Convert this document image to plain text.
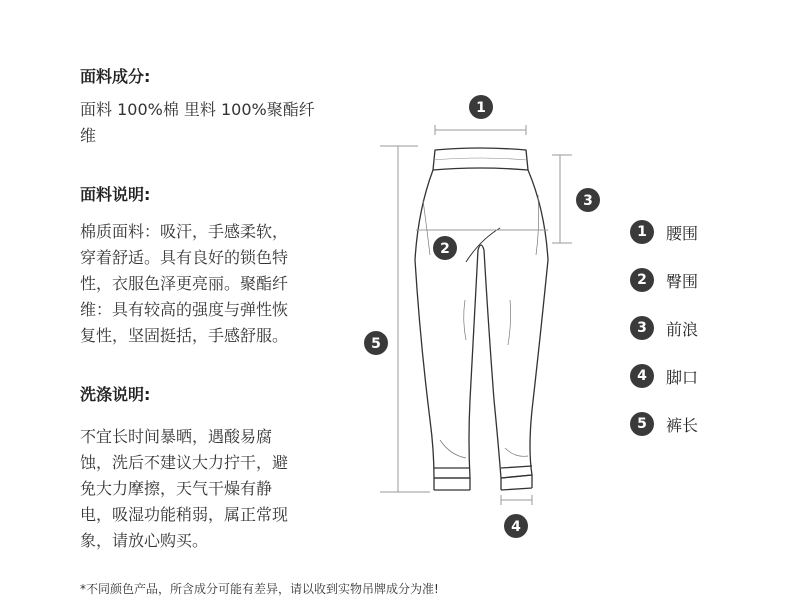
面料成分:
面料 100%棉 里料 100%聚酯纤
维
面料说明:
棉质面料：吸汗，手感柔软，
穿着舒适。具有良好的锁色特
性，衣服色泽更亮丽。聚酯纤
维：具有较高的强度与弹性恢
复性，坚固挺括，手感舒服。
洗涤说明:
不宜长时间暴晒，遇酸易腐
蚀，洗后不建议大力拧干，避
免大力摩擦，天气干燥有静
电，吸湿功能稍弱，属正常现
象，请放心购买。
1
2
3
4
5
1	腰围
2	臀围
3	前浪
4	脚口
5	裤长
*不同颜色产品，所含成分可能有差异，请以收到实物吊牌成分为准!
